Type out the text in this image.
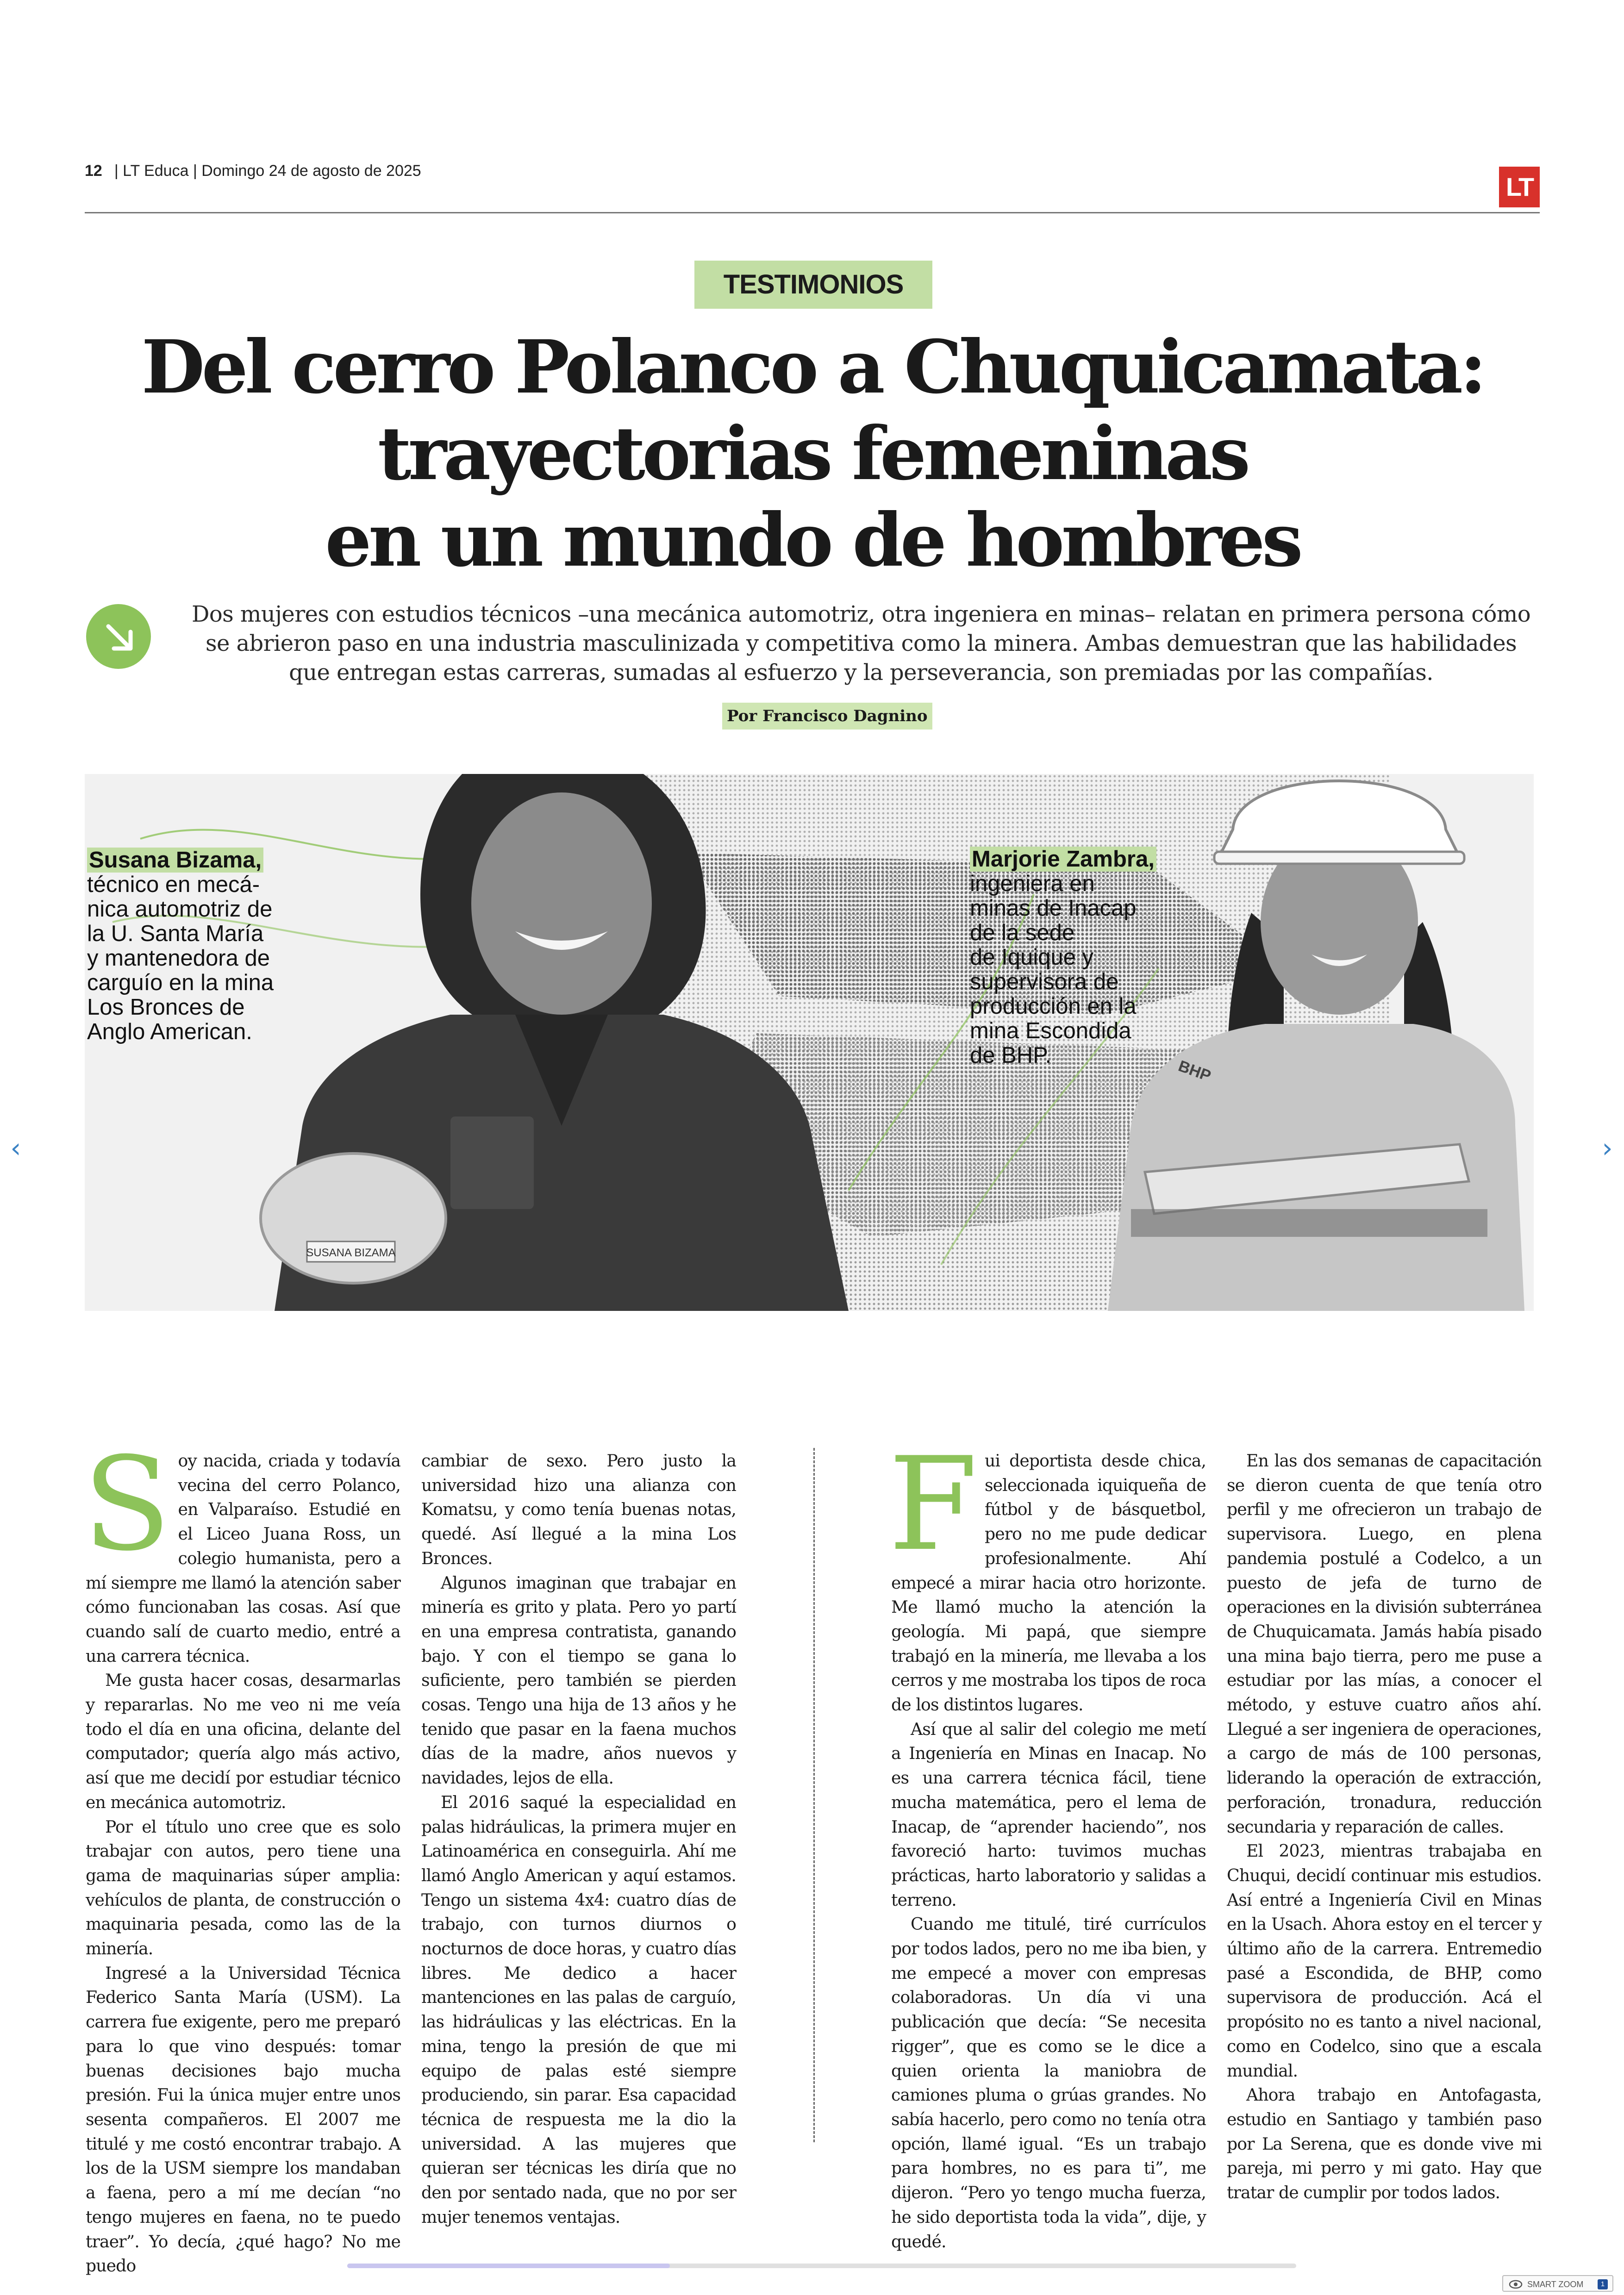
12 | LT Educa | Domingo 24 de agosto de 2025
LT
TESTIMONIOS
Del cerro Polanco a Chuquicamata:
trayectorias femeninas
en un mundo de hombres

Dos mujeres con estudios técnicos –una mecánica automotriz, otra ingeniera en minas– relatan en primera persona cómo
se abrieron paso en una industria masculinizada y competitiva como la minera. Ambas demuestran que las habilidades
que entregan estas carreras, sumadas al esfuerzo y la perseverancia, son premiadas por las compañías.

Por Francisco Dagnino
SUSANA BIZAMA
BHP

Susana Bizama,
técnico en mecá-
nica automotriz de
la U. Santa María
y mantenedora de
carguío en la mina
Los Bronces de
Anglo American.

Marjorie Zambra,
ingeniera en
minas de Inacap
de la sede
de Iquique y
supervisora de
producción en la
mina Escondida
de BHP.

Soy nacida, criada y todavía vecina del cerro Polanco, en Valparaíso. Estudié en el Liceo Juana Ross, un colegio humanista, pero a mí siempre me llamó la atención saber cómo funcionaban las cosas. Así que cuando salí de cuarto medio, entré a una carrera técnica.

Me gusta hacer cosas, desarmarlas y repararlas. No me veo ni me veía todo el día en una oficina, delante del computador; quería algo más activo, así que me decidí por estudiar técnico en mecánica automotriz.

Por el título uno cree que es solo trabajar con autos, pero tiene una gama de maquinarias súper amplia: vehículos de planta, de construcción o maquinaria pesada, como las de la minería.

Ingresé a la Universidad Técnica Federico Santa María (USM). La carrera fue exigente, pero me preparó para lo que vino después: tomar buenas decisiones bajo mucha presión. Fui la única mujer entre unos sesenta compañeros. El 2007 me titulé y me costó encontrar trabajo. A los de la USM siempre los mandaban a faena, pero a mí me decían “no tengo mujeres en faena, no te puedo traer”. Yo decía, ¿qué hago? No me puedo

cambiar de sexo. Pero justo la universidad hizo una alianza con Komatsu, y como tenía buenas notas, quedé. Así llegué a la mina Los Bronces.

Algunos imaginan que trabajar en minería es grito y plata. Pero yo partí en una empresa contratista, ganando bajo. Y con el tiempo se gana lo suficiente, pero también se pierden cosas. Tengo una hija de 13 años y he tenido que pasar en la faena muchos días de la madre, años nuevos y navidades, lejos de ella.

El 2016 saqué la especialidad en palas hidráulicas, la primera mujer en Latinoamérica en conseguirla. Ahí me llamó Anglo American y aquí estamos. Tengo un sistema 4x4: cuatro días de trabajo, con turnos diurnos o nocturnos de doce horas, y cuatro días libres. Me dedico a hacer mantenciones en las palas de carguío, las hidráulicas y las eléctricas. En la mina, tengo la presión de que mi equipo de palas esté siempre produciendo, sin parar. Esa capacidad técnica de respuesta me la dio la universidad. A las mujeres que quieran ser técnicas les diría que no den por sentado nada, que no por ser mujer tenemos ventajas.

Fui deportista desde chica, seleccionada iquiqueña de fútbol y de básquetbol, pero no me pude dedicar profesionalmente. Ahí empecé a mirar hacia otro horizonte. Me llamó mucho la atención la geología. Mi papá, que siempre trabajó en la minería, me llevaba a los cerros y me mostraba los tipos de roca de los distintos lugares.

Así que al salir del colegio me metí a Ingeniería en Minas en Inacap. No es una carrera técnica fácil, tiene mucha matemática, pero el lema de Inacap, de “aprender haciendo”, nos favoreció harto: tuvimos muchas prácticas, harto laboratorio y salidas a terreno.

Cuando me titulé, tiré currículos por todos lados, pero no me iba bien, y me empecé a mover con empresas colaboradoras. Un día vi una publicación que decía: “Se necesita rigger”, que es como se le dice a quien orienta la maniobra de camiones pluma o grúas grandes. No sabía hacerlo, pero como no tenía otra opción, llamé igual. “Es un trabajo para hombres, no es para ti”, me dijeron. “Pero yo tengo mucha fuerza, he sido deportista toda la vida”, dije, y quedé.

En las dos semanas de capacitación se dieron cuenta de que tenía otro perfil y me ofrecieron un trabajo de supervisora. Luego, en plena pandemia postulé a Codelco, a un puesto de jefa de turno de operaciones en la división subterránea de Chuquicamata. Jamás había pisado una mina bajo tierra, pero me puse a estudiar por las mías, a conocer el método, y estuve cuatro años ahí. Llegué a ser ingeniera de operaciones, a cargo de más de 100 personas, liderando la operación de extracción, perforación, tronadura, reducción secundaria y reparación de calles.

El 2023, mientras trabajaba en Chuqui, decidí continuar mis estudios. Así entré a Ingeniería Civil en Minas en la Usach. Ahora estoy en el tercer y último año de la carrera. Entremedio pasé a Escondida, de BHP, como supervisora de producción. Acá el propósito no es tanto a nivel nacional, como en Codelco, sino que a escala mundial.

Ahora trabajo en Antofagasta, estudio en Santiago y también paso por La Serena, que es donde vive mi pareja, mi perro y mi gato. Hay que tratar de cumplir por todos lados.

‹	›
SMART ZOOM	1
